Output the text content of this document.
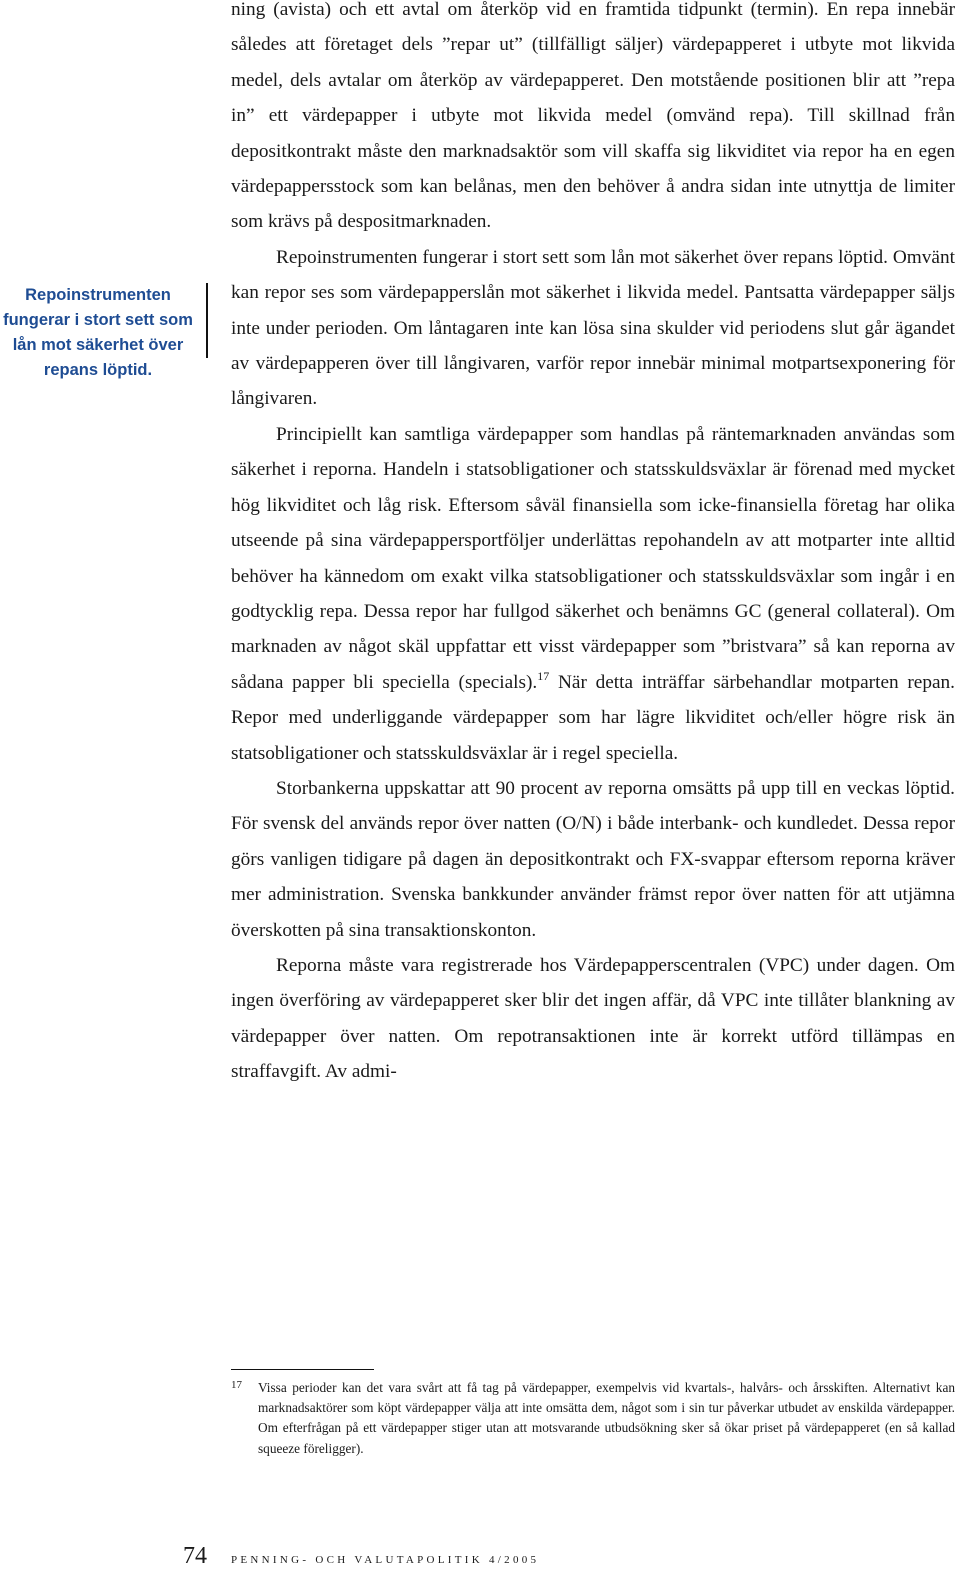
Repoinstrumenten fungerar i stort sett som lån mot säkerhet över repans löptid.

ning (avista) och ett avtal om återköp vid en framtida tidpunkt (termin). En repa innebär således att företaget dels ”repar ut” (tillfälligt säljer) värdepapperet i utbyte mot likvida medel, dels avtalar om återköp av värdepapperet. Den motstående positionen blir att ”repa in” ett värdepapper i utbyte mot likvida medel (omvänd repa). Till skillnad från depositkontrakt måste den marknadsaktör som vill skaffa sig likviditet via repor ha en egen värdepappersstock som kan belånas, men den behöver å andra sidan inte utnyttja de limiter som krävs på despositmarknaden.

Repoinstrumenten fungerar i stort sett som lån mot säkerhet över repans löptid. Omvänt kan repor ses som värdepapperslån mot säkerhet i likvida medel. Pantsatta värdepapper säljs inte under perioden. Om låntagaren inte kan lösa sina skulder vid periodens slut går ägandet av värdepapperen över till långivaren, varför repor innebär minimal motpartsexponering för långivaren.

Principiellt kan samtliga värdepapper som handlas på räntemarknaden användas som säkerhet i reporna. Handeln i statsobligationer och statsskuldsväxlar är förenad med mycket hög likviditet och låg risk. Eftersom såväl finansiella som icke-finansiella företag har olika utseende på sina värdepappersportföljer underlättas repohandeln av att motparter inte alltid behöver ha kännedom om exakt vilka statsobligationer och statsskuldsväxlar som ingår i en godtycklig repa. Dessa repor har fullgod säkerhet och benämns GC (general collateral). Om marknaden av något skäl uppfattar ett visst värdepapper som ”bristvara” så kan reporna av sådana papper bli speciella (specials).$^{17}$ När detta inträffar särbehandlar motparten repan. Repor med underliggande värdepapper som har lägre likviditet och/eller högre risk än statsobligationer och statsskuldsväxlar är i regel speciella.

Storbankerna uppskattar att 90 procent av reporna omsätts på upp till en veckas löptid. För svensk del används repor över natten (O/N) i både interbank- och kundledet. Dessa repor görs vanligen tidigare på dagen än depositkontrakt och FX-svappar eftersom reporna kräver mer administration. Svenska bankkunder använder främst repor över natten för att utjämna överskotten på sina transaktionskonton.

Reporna måste vara registrerade hos Värdepapperscentralen (VPC) under dagen. Om ingen överföring av värdepapperet sker blir det ingen affär, då VPC inte tillåter blankning av värdepapper över natten. Om repotransaktionen inte är korrekt utförd tillämpas en straffavgift. Av admi-

17 Vissa perioder kan det vara svårt att få tag på värdepapper, exempelvis vid kvartals-, halvårs- och årsskiften. Alternativt kan marknadsaktörer som köpt värdepapper välja att inte omsätta dem, något som i sin tur påverkar utbudet av enskilda värdepapper. Om efterfrågan på ett värdepapper stiger utan att motsvarande utbudsökning sker så ökar priset på värdepapperet (en så kallad squeeze föreligger).
74 PENNING- OCH VALUTAPOLITIK 4/2005
